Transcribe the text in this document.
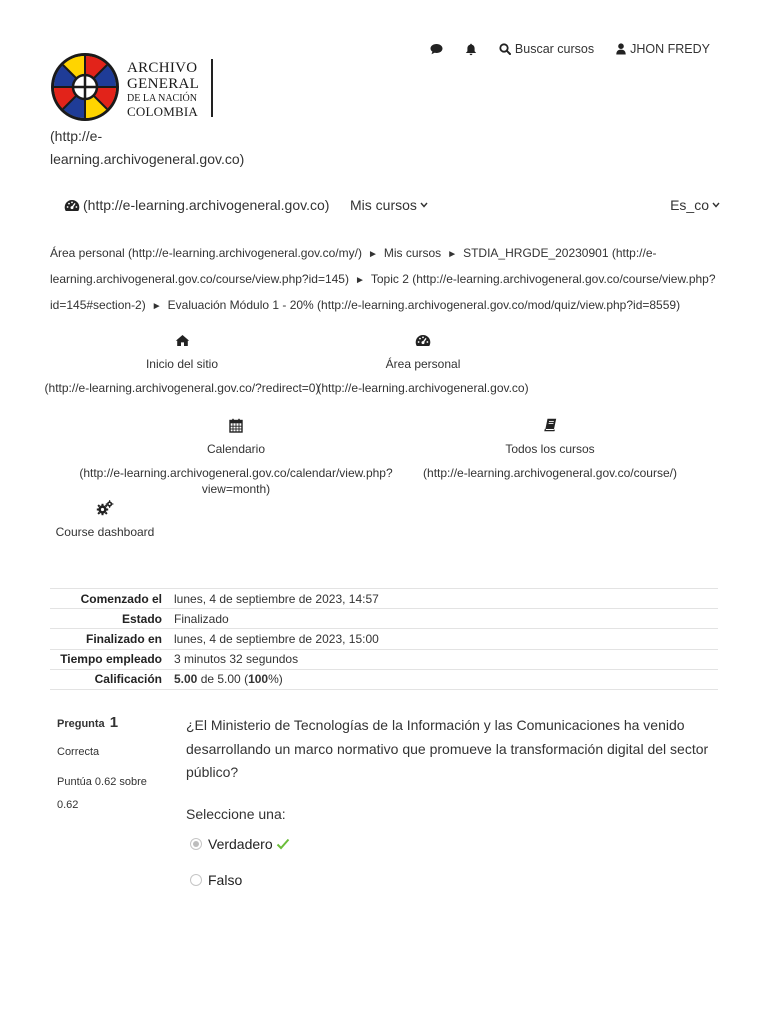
ARCHIVO
GENERAL
DE LA NACIÓN
COLOMBIA
(http://e-learning.archivogeneral.gov.co)
Buscar cursos	JHON FREDY
(http://e-learning.archivogeneral.gov.co) Mis cursos	Es_co
Área personal (http://e-learning.archivogeneral.gov.co/my/) ► Mis cursos ► STDIA_HRGDE_20230901 (http://e-learning.archivogeneral.gov.co/course/view.php?id=145) ► Topic 2 (http://e-learning.archivogeneral.gov.co/course/view.php?id=145#section-2) ► Evaluación Módulo 1 - 20% (http://e-learning.archivogeneral.gov.co/mod/quiz/view.php?id=8559)
Inicio del sitio
(http://e-learning.archivogeneral.gov.co/?redirect=0)
Área personal
(http://e-learning.archivogeneral.gov.co)
Calendario
(http://e-learning.archivogeneral.gov.co/calendar/view.php?view=month)
Todos los cursos
(http://e-learning.archivogeneral.gov.co/course/)
Course dashboard
Comenzado el	lunes, 4 de septiembre de 2023, 14:57
Estado	Finalizado
Finalizado en	lunes, 4 de septiembre de 2023, 15:00
Tiempo empleado	3 minutos 32 segundos
Calificación	5.00 de 5.00 (100%)
Pregunta 1
Correcta
Puntúa 0.62 sobre 0.62
¿El Ministerio de Tecnologías de la Información y las Comunicaciones ha venido desarrollando un marco normativo que promueve la transformación digital del sector público?
Seleccione una:
Verdadero
Falso
